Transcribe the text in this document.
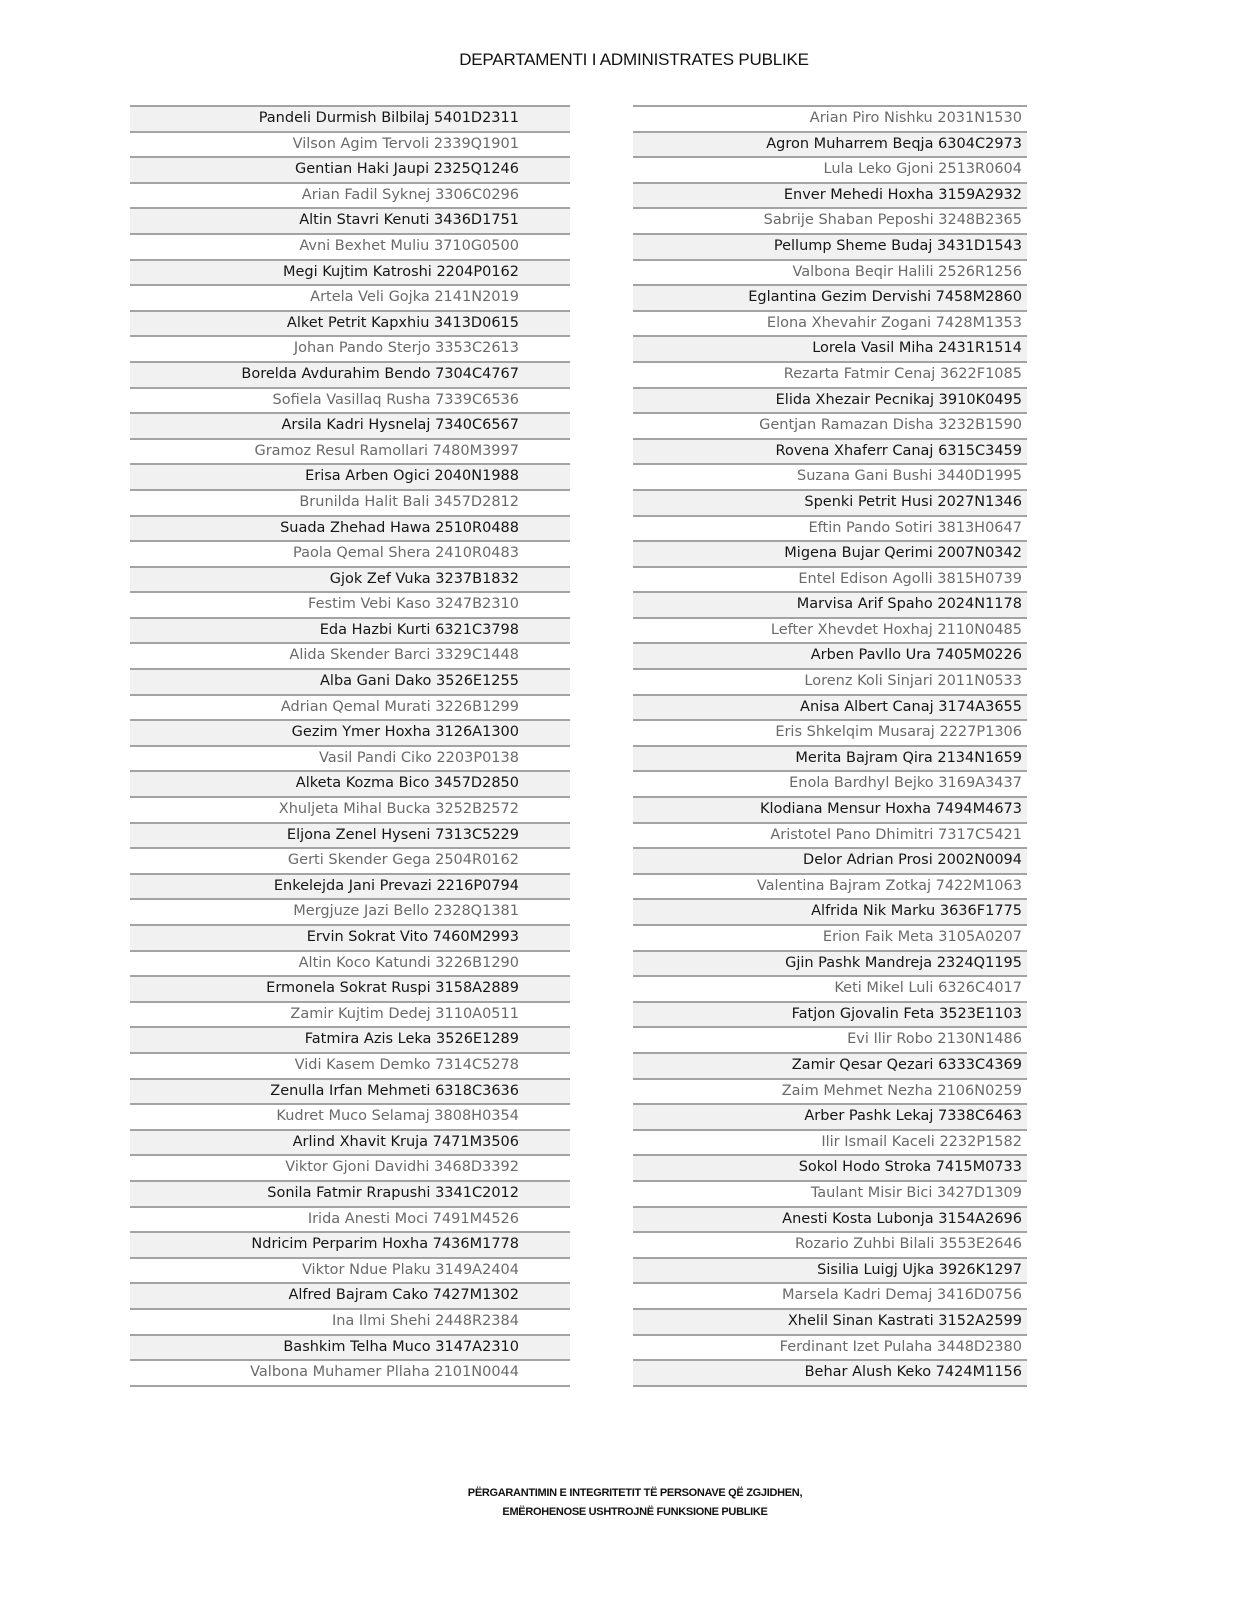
DEPARTAMENTI I ADMINISTRATES PUBLIKE
Pandeli Durmish Bilbilaj 5401D2311
Vilson Agim Tervoli 2339Q1901
Gentian Haki Jaupi 2325Q1246
Arian Fadil Syknej 3306C0296
Altin Stavri Kenuti 3436D1751
Avni Bexhet Muliu 3710G0500
Megi Kujtim Katroshi 2204P0162
Artela Veli Gojka 2141N2019
Alket Petrit Kapxhiu 3413D0615
Johan Pando Sterjo 3353C2613
Borelda Avdurahim Bendo 7304C4767
Sofiela Vasillaq Rusha 7339C6536
Arsila Kadri Hysnelaj 7340C6567
Gramoz Resul Ramollari 7480M3997
Erisa Arben Ogici 2040N1988
Brunilda Halit Bali 3457D2812
Suada Zhehad Hawa 2510R0488
Paola Qemal Shera 2410R0483
Gjok Zef Vuka 3237B1832
Festim Vebi Kaso 3247B2310
Eda Hazbi Kurti 6321C3798
Alida Skender Barci 3329C1448
Alba Gani Dako 3526E1255
Adrian Qemal Murati 3226B1299
Gezim Ymer Hoxha 3126A1300
Vasil Pandi Ciko 2203P0138
Alketa Kozma Bico 3457D2850
Xhuljeta Mihal Bucka 3252B2572
Eljona Zenel Hyseni 7313C5229
Gerti Skender Gega 2504R0162
Enkelejda Jani Prevazi 2216P0794
Mergjuze Jazi Bello 2328Q1381
Ervin Sokrat Vito 7460M2993
Altin Koco Katundi 3226B1290
Ermonela Sokrat Ruspi 3158A2889
Zamir Kujtim Dedej 3110A0511
Fatmira Azis Leka 3526E1289
Vidi Kasem Demko 7314C5278
Zenulla Irfan Mehmeti 6318C3636
Kudret Muco Selamaj 3808H0354
Arlind Xhavit Kruja 7471M3506
Viktor Gjoni Davidhi 3468D3392
Sonila Fatmir Rrapushi 3341C2012
Irida Anesti Moci 7491M4526
Ndricim Perparim Hoxha 7436M1778
Viktor Ndue Plaku 3149A2404
Alfred Bajram Cako 7427M1302
Ina Ilmi Shehi 2448R2384
Bashkim Telha Muco 3147A2310
Valbona Muhamer Pllaha 2101N0044
Arian Piro Nishku 2031N1530
Agron Muharrem Beqja 6304C2973
Lula Leko Gjoni 2513R0604
Enver Mehedi Hoxha 3159A2932
Sabrije Shaban Peposhi 3248B2365
Pellump Sheme Budaj 3431D1543
Valbona Beqir Halili 2526R1256
Eglantina Gezim Dervishi 7458M2860
Elona Xhevahir Zogani 7428M1353
Lorela Vasil Miha 2431R1514
Rezarta Fatmir Cenaj 3622F1085
Elida Xhezair Pecnikaj 3910K0495
Gentjan Ramazan Disha 3232B1590
Rovena Xhaferr Canaj 6315C3459
Suzana Gani Bushi 3440D1995
Spenki Petrit Husi 2027N1346
Eftin Pando Sotiri 3813H0647
Migena Bujar Qerimi 2007N0342
Entel Edison Agolli 3815H0739
Marvisa Arif Spaho 2024N1178
Lefter Xhevdet Hoxhaj 2110N0485
Arben Pavllo Ura 7405M0226
Lorenz Koli Sinjari 2011N0533
Anisa Albert Canaj 3174A3655
Eris Shkelqim Musaraj 2227P1306
Merita Bajram Qira 2134N1659
Enola Bardhyl Bejko 3169A3437
Klodiana Mensur Hoxha 7494M4673
Aristotel Pano Dhimitri 7317C5421
Delor Adrian Prosi 2002N0094
Valentina Bajram Zotkaj 7422M1063
Alfrida Nik Marku 3636F1775
Erion Faik Meta 3105A0207
Gjin Pashk Mandreja 2324Q1195
Keti Mikel Luli 6326C4017
Fatjon Gjovalin Feta 3523E1103
Evi Ilir Robo 2130N1486
Zamir Qesar Qezari 6333C4369
Zaim Mehmet Nezha 2106N0259
Arber Pashk Lekaj 7338C6463
Ilir Ismail Kaceli 2232P1582
Sokol Hodo Stroka 7415M0733
Taulant Misir Bici 3427D1309
Anesti Kosta Lubonja 3154A2696
Rozario Zuhbi Bilali 3553E2646
Sisilia Luigj Ujka 3926K1297
Marsela Kadri Demaj 3416D0756
Xhelil Sinan Kastrati 3152A2599
Ferdinant Izet Pulaha 3448D2380
Behar Alush Keko 7424M1156
PËRGARANTIMIN E INTEGRITETIT TË PERSONAVE QË ZGJIDHEN,
EMËROHENOSE USHTROJNË FUNKSIONE PUBLIKE
